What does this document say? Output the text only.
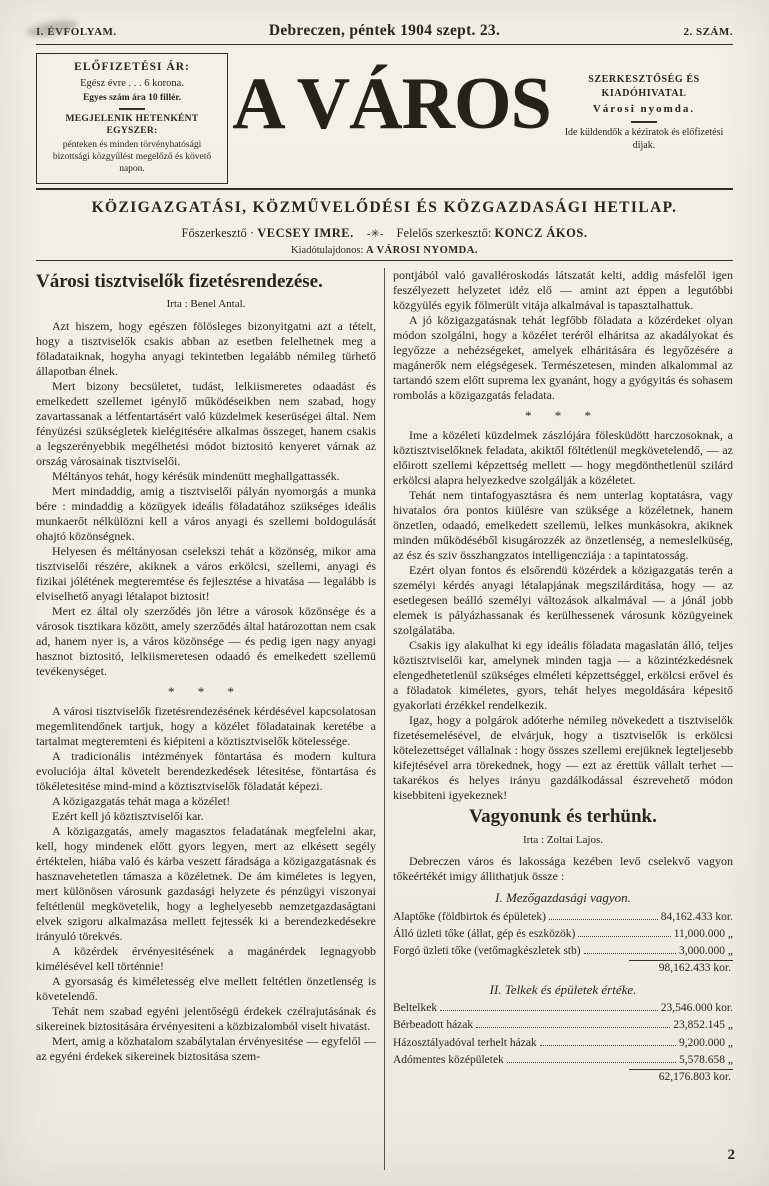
I. ÉVFOLYAM.	Debreczen, péntek 1904 szept. 23.	2. SZÁM.
ELŐFIZETÉSI ÁR:
Egész évre . . . 6 korona.
Egyes szám ára 10 fillér.
MEGJELENIK HETENKÉNT EGYSZER:
pénteken és minden törvényhatósági bizottsági közgyűlést megelőző és követő napon.
A VÁROS	SZERKESZTŐSÉG ÉS KIADÓHIVATAL
Városi nyomda.
Ide küldendők a kéziratok és előfizetési dijak.
KÖZIGAZGATÁSI, KÖZMŰVELŐDÉSI ÉS KÖZGAZDASÁGI HETILAP.
Főszerkesztő · VECSEY IMRE. -✳- Felelős szerkesztő: KONCZ ÁKOS.
Kiadótulajdonos: A VÁROSI NYOMDA.
Városi tisztviselők fizetésrendezése.
Irta : Benel Antal.

Azt hiszem, hogy egészen fölösleges bizonyitgatni azt a tételt, hogy a tisztviselők csakis abban az esetben felelhetnek meg a föladataiknak, hogyha anyagi tekintetben legalább némileg türhető állapotban élnek.

Mert bizony becsületet, tudást, lelkiismeretes odaadást és emelkedett szellemet igénylő működéseikben nem szabad, hogy zavartassanak a létfentartásért való küzdelmek keserüségei által. Nem fényüzési szükségletek kielégitésére alkalmas összeget, hanem csakis a legszerényebbik megélhetési módot biztositó kenyeret várnak az ország városainak tisztviselői.

Méltányos tehát, hogy kérésük mindenütt meghallgattassék.

Mert mindaddig, amig a tisztviselői pályán nyomorgás a munka bére : mindaddig a közügyek ideális föladatához szükséges ideális munkaerőt nélkülözni kell a város anyagi és szellemi boldogulását ohajtó közönségnek.

Helyesen és méltányosan cselekszi tehát a közönség, mikor ama tisztviselői részére, akiknek a város erkölcsi, szellemi, anyagi és fizikai jólétének megteremtése és fejlesztése a hivatása — legalább is elviselhető anyagi létalapot biztosit!

Mert ez által oly szerződés jön létre a városok közönsége és a városok tisztikara között, amely szerződés által határozottan nem csak ad, hanem nyer is, a város közönsége — és pedig igen nagy anyagi hasznot biztositó, lelkiismeretesen odaadó és emelkedett szellemü tevékenységet.

* * *

A városi tisztviselők fizetésrendezésének kérdésével kapcsolatosan megemlitendőnek tartjuk, hogy a közélet föladatainak keretébe a tartalmat megteremteni és kiépiteni a köztisztviselők kötelessége.

A tradicionális intézmények föntartása és modern kultura evoluciója által követelt berendezkedések létesitése, föntartása és tökéletesitése mind-mind a köztisztviselők föladatát képezi.

A közigazgatás tehát maga a közélet!

Ezért kell jó köztisztviselői kar.

A közigazgatás, amely magasztos feladatának megfelelni akar, kell, hogy mindenek előtt gyors legyen, mert az elkésett segély értéktelen, hiába való és kárba veszett fáradsága a közigazgatásnak és hasznavehetetlen támasza a közéletnek. De ám kiméletes is legyen, mert különösen városunk gazdasági helyzete és pénzügyi viszonyai feltétlenül megkövetelik, hogy a leghelyesebb nemzetgazdaságtani elvek szigoru alkalmazása mellett fejtessék ki a berendezkedésekre irányuló törekvés.

A közérdek érvényesitésének a magánérdek legnagyobb kimélésével kell történnie!

A gyorsaság és kiméletesség elve mellett feltétlen önzetlenség is követelendő.

Tehát nem szabad egyéni jelentőségü érdekek czélrajutásának és sikereinek biztositására érvényesiteni a közbizalomból viselt hivatást.

Mert, amig a közhatalom szabálytalan érvényesitése — egyfelől — az egyéni érdekek sikereinek biztositása szem-

pontjából való gavalléroskodás látszatát kelti, addig másfelől igen feszélyezett helyzetet idéz elő — amint azt éppen a legutóbbi közgyülés egyik fölmerült vitája alkalmával is tapasztalhattuk.

A jó közigazgatásnak tehát legfőbb föladata a közérdeket olyan módon szolgálni, hogy a közélet teréről elháritsa az akadályokat és legyőzze a nehézségeket, amelyek elháritására és legyőzésére a magánerők nem elégségesek. Természetesen, minden alkalommal az tartandó szem előtt suprema lex gyanánt, hogy a gyógyitás és sohasem rombolás a közigazgatás feladata.

* * *

Ime a közéleti küzdelmek zászlójára fölesküdött harczosoknak, a köztisztviselőknek feladata, akiktől föltétlenül megkövetelendő, — az előirott szellemi képzettség mellett — hogy megdönthetlenül szilárd erkölcsi alapra helyezkedve szolgálják a közéletet.

Tehát nem tintafogyasztásra és nem unterlag koptatásra, vagy hivatalos óra pontos kiülésre van szüksége a közéletnek, hanem önzetlen, odaadó, emelkedett szellemü, lelkes munkásokra, akiknek minden működéséből kisugározzék az önzetlenség, a nemeslelküség, az ész és sziv összhangzatos intelligencziája : a tapintatosság.

Ezért olyan fontos és elsőrendü közérdek a közigazgatás terén a személyi kérdés anyagi létalapjának megszilárditása, hogy — az esetlegesen beálló személyi változások alkalmával — a jónál jobb elemek is pályázhassanak és kerülhessenek városunk közügyeinek szolgálatába.

Csakis igy alakulhat ki egy ideális föladata magaslatán álló, teljes köztisztviselői kar, amelynek minden tagja — a közintézkedésnek elengedhetetlenül szükséges elméleti képzettséggel, erkölcsi erővel és a föladatok kiméletes, gyors, tehát helyes megoldására képesitő gyakorlati érzékkel rendelkezik.

Igaz, hogy a polgárok adóterhe némileg növekedett a tisztviselők fizetésemelésével, de elvárjuk, hogy a tisztviselők is erkölcsi kötelezettséget vállalnak : hogy összes szellemi erejüknek legteljesebb kifejtésével arra törekednek, hogy — ezt az érettük vállalt terhet — takarékos és helyes irányu gazdálkodással észrevehető módon kisebbiteni igyekeznek!

Vagyonunk és terhünk.
Irta : Zoltai Lajos.

Debreczen város és lakossága kezében levő cselekvő vagyon tőkeértékét imigy állithatjuk össze :

I. Mezőgazdasági vagyon.
Alaptőke (földbirtok és épületek)	84,162.433 kor.
Álló üzleti tőke (állat, gép és eszközök)	11,000.000 „
Forgó üzleti tőke (vetőmagkészletek stb)	3,000.000 „
98,162.433 kor.
II. Telkek és épületek értéke.
Beltelkek	23,546.000 kor.
Bérbeadott házak	23,852.145 „
Házosztályadóval terhelt házak	9,200.000 „
Adómentes középületek	5,578.658 „
62,176.803 kor.
2
